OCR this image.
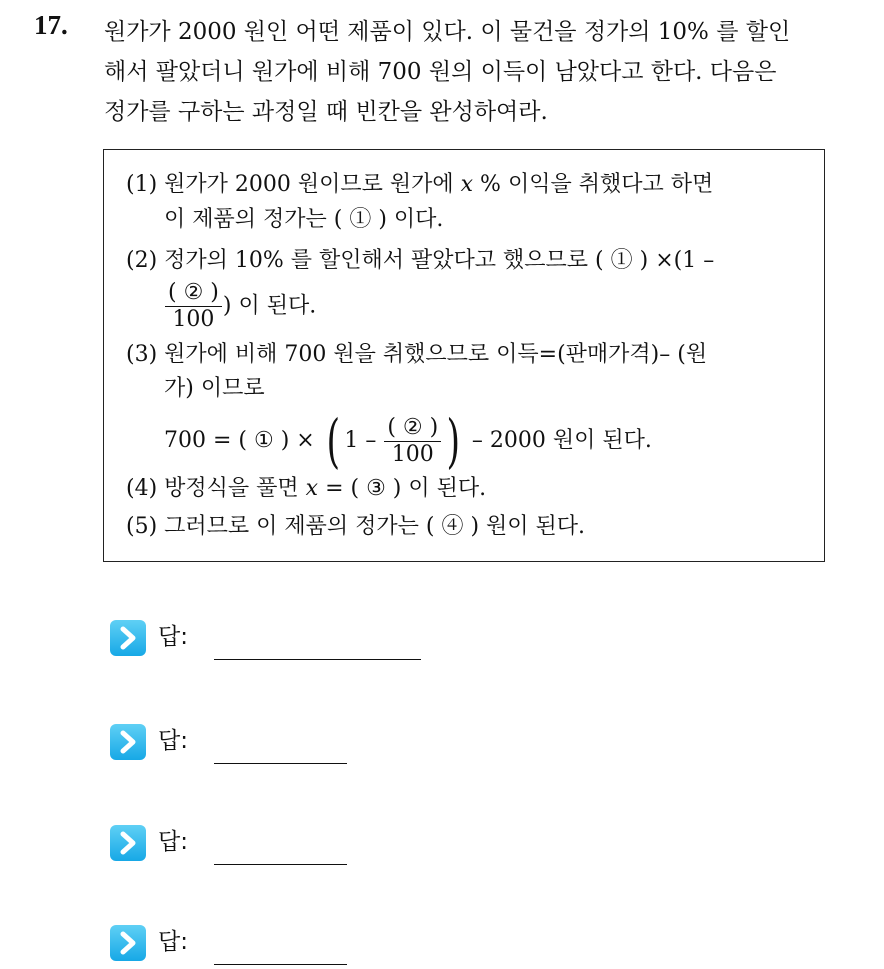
17. 원가가 2000 원인 어떤 제품이 있다. 이 물건을 정가의 10% 를 할인
해서 팔았더니 원가에 비해 700 원의 이득이 남았다고 한다. 다음은
정가를 구하는 과정일 때 빈칸을 완성하여라.
(1) 원가가 2000 원이므로 원가에 x % 이익을 취했다고 하면
이 제품의 정가는 ( ① ) 이다.
(2) 정가의 10% 를 할인해서 팔았다고 했으므로 ( ① ) ×(1 –
$\frac{\text{( ② )}}{100}$ ) 이 된다.
(3) 원가에 비해 700 원을 취했으므로 이득=(판매가격)– (원
가) 이므로
700 = ( ① ) × ( $1 - \frac{\text{( ② )}}{100}$ ) – 2000 원이 된다.
(4) 방정식을 풀면 x = ( ③ ) 이 된다.
(5) 그러므로 이 제품의 정가는 ( ④ ) 원이 된다.
답:
답:
답:
답:
